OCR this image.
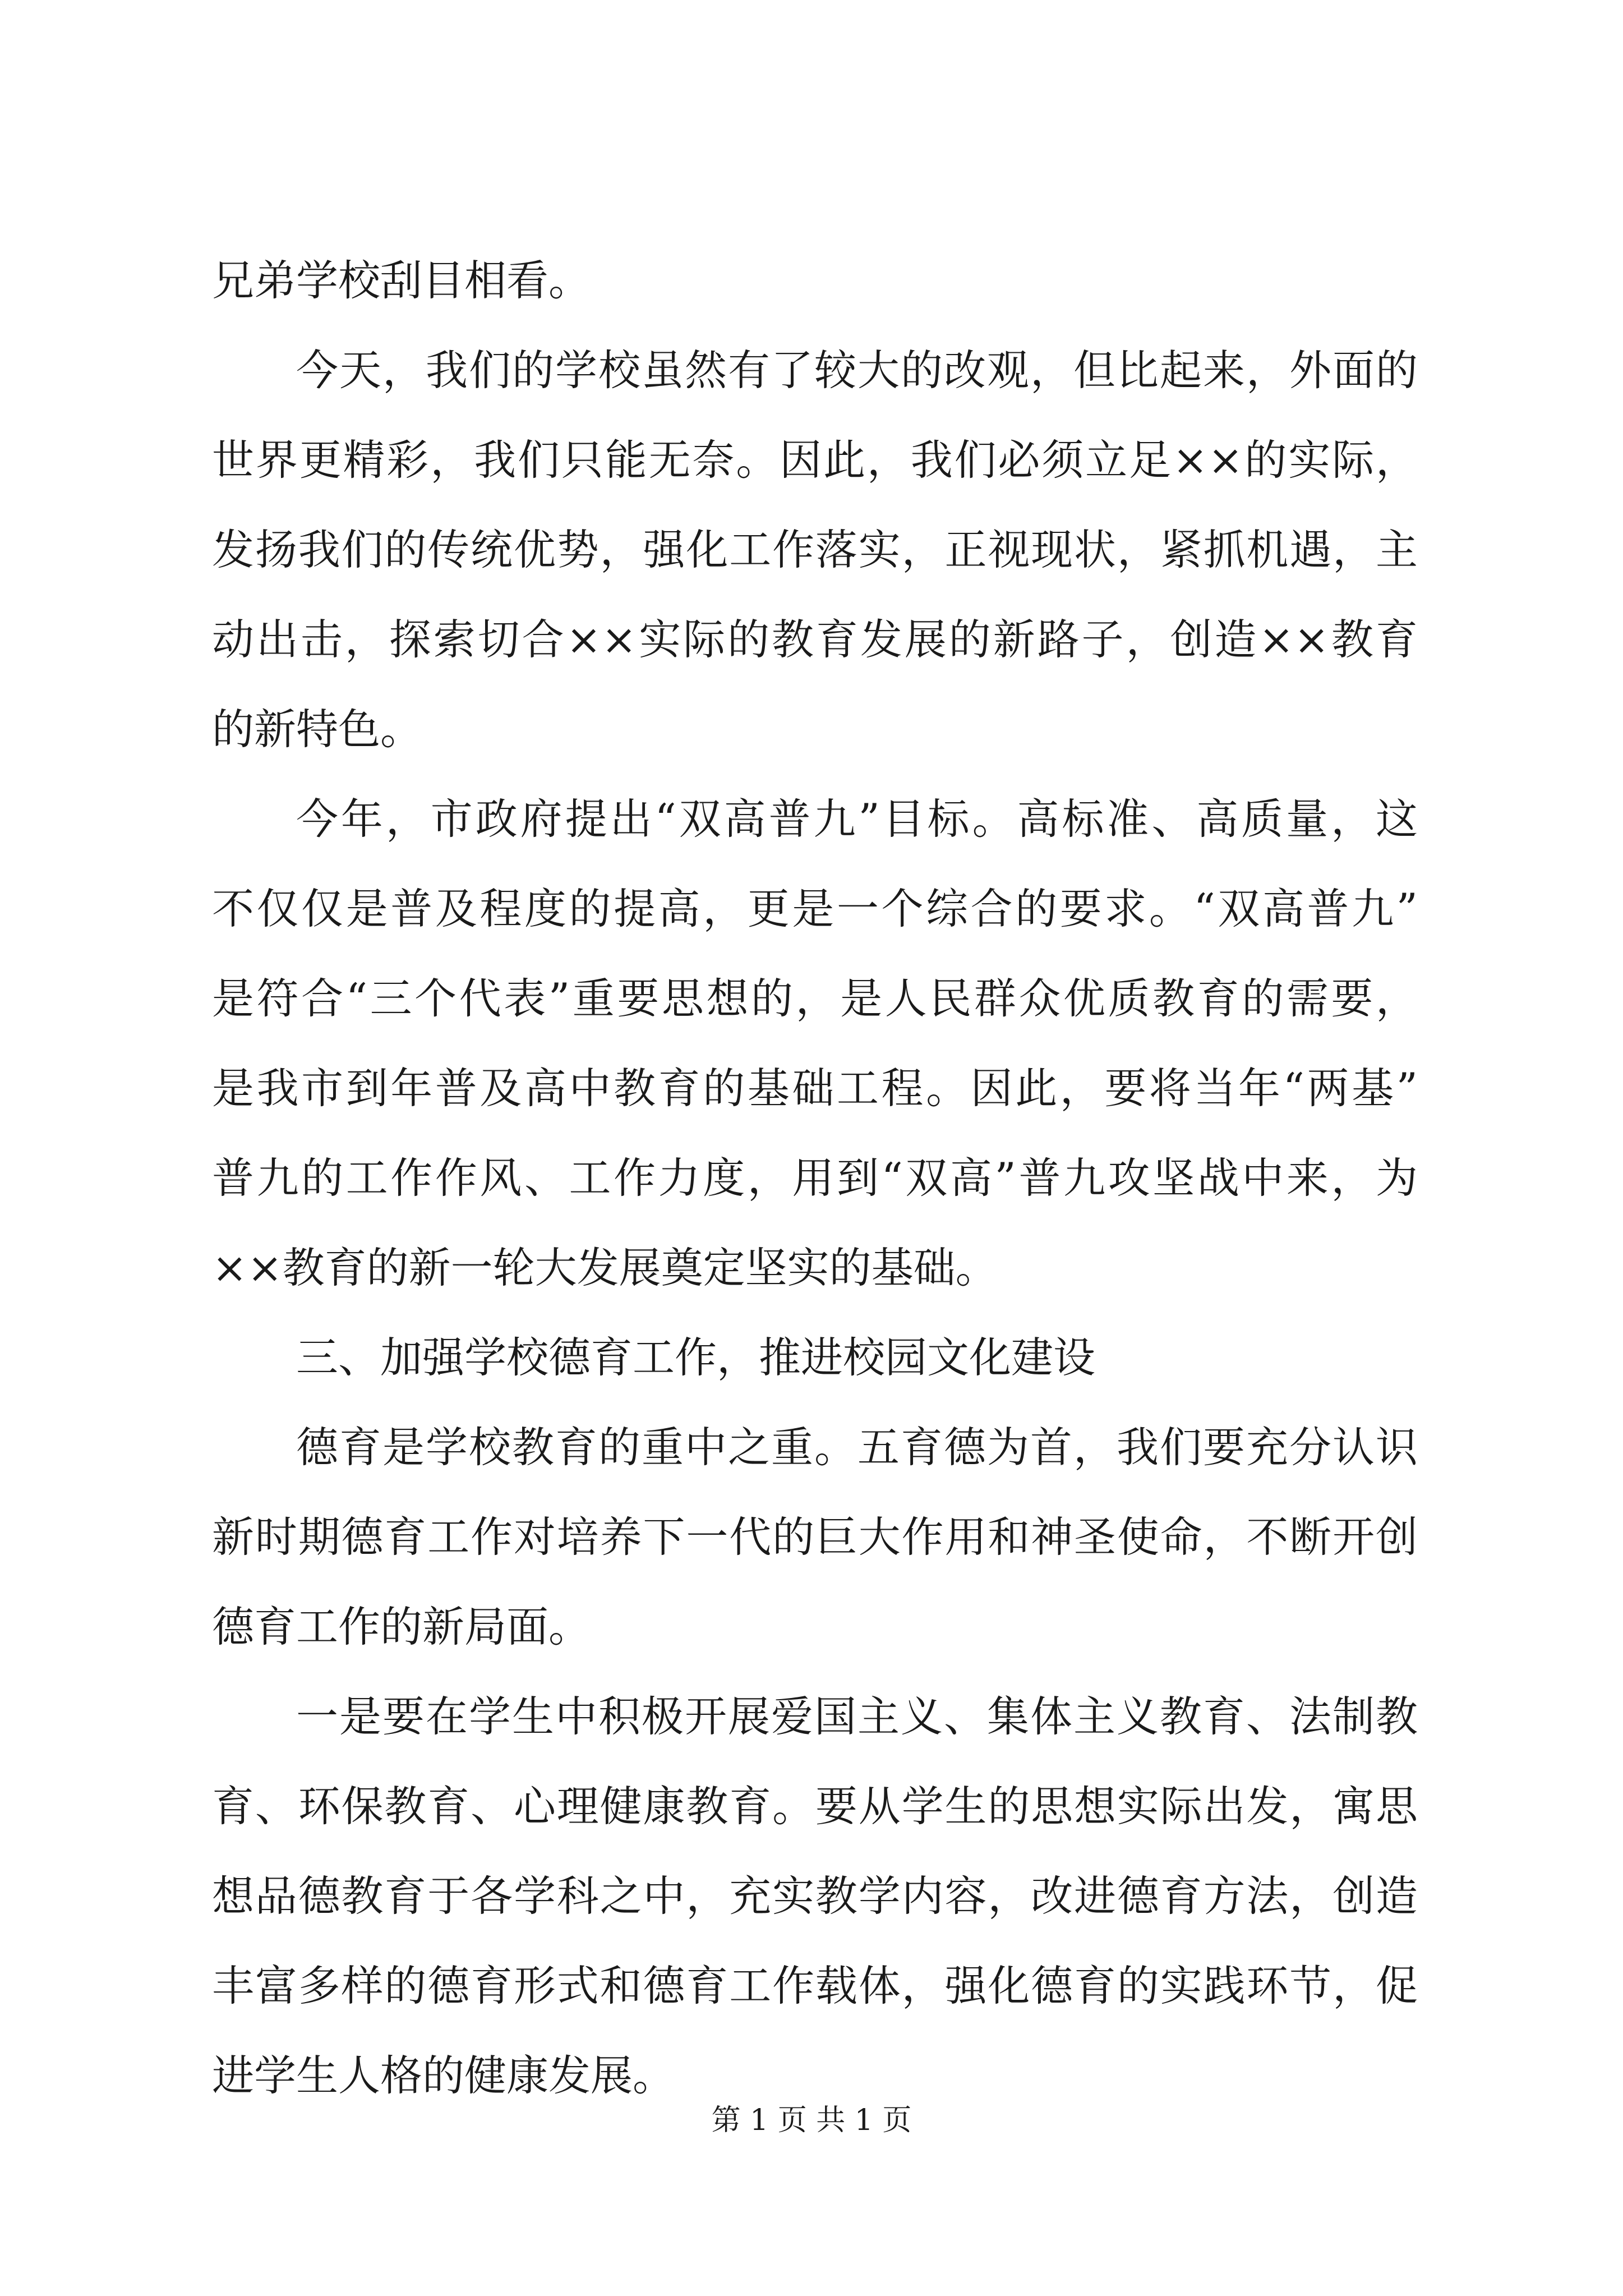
兄弟学校刮目相看。
今天，我们的学校虽然有了较大的改观，但比起来，外面的
世界更精彩，我们只能无奈。因此，我们必须立足××的实际，
发扬我们的传统优势，强化工作落实，正视现状，紧抓机遇，主
动出击，探索切合××实际的教育发展的新路子，创造××教育
的新特色。
今年，市政府提出“双高普九”目标。高标准、高质量，这
不仅仅是普及程度的提高，更是一个综合的要求。“双高普九”
是符合“三个代表”重要思想的，是人民群众优质教育的需要，
是我市到年普及高中教育的基础工程。因此，要将当年“两基”
普九的工作作风、工作力度，用到“双高”普九攻坚战中来，为
××教育的新一轮大发展奠定坚实的基础。
三、加强学校德育工作，推进校园文化建设
德育是学校教育的重中之重。五育德为首，我们要充分认识
新时期德育工作对培养下一代的巨大作用和神圣使命，不断开创
德育工作的新局面。
一是要在学生中积极开展爱国主义、集体主义教育、法制教
育、环保教育、心理健康教育。要从学生的思想实际出发，寓思
想品德教育于各学科之中，充实教学内容，改进德育方法，创造
丰富多样的德育形式和德育工作载体，强化德育的实践环节，促
进学生人格的健康发展。
第 1 页 共 1 页
